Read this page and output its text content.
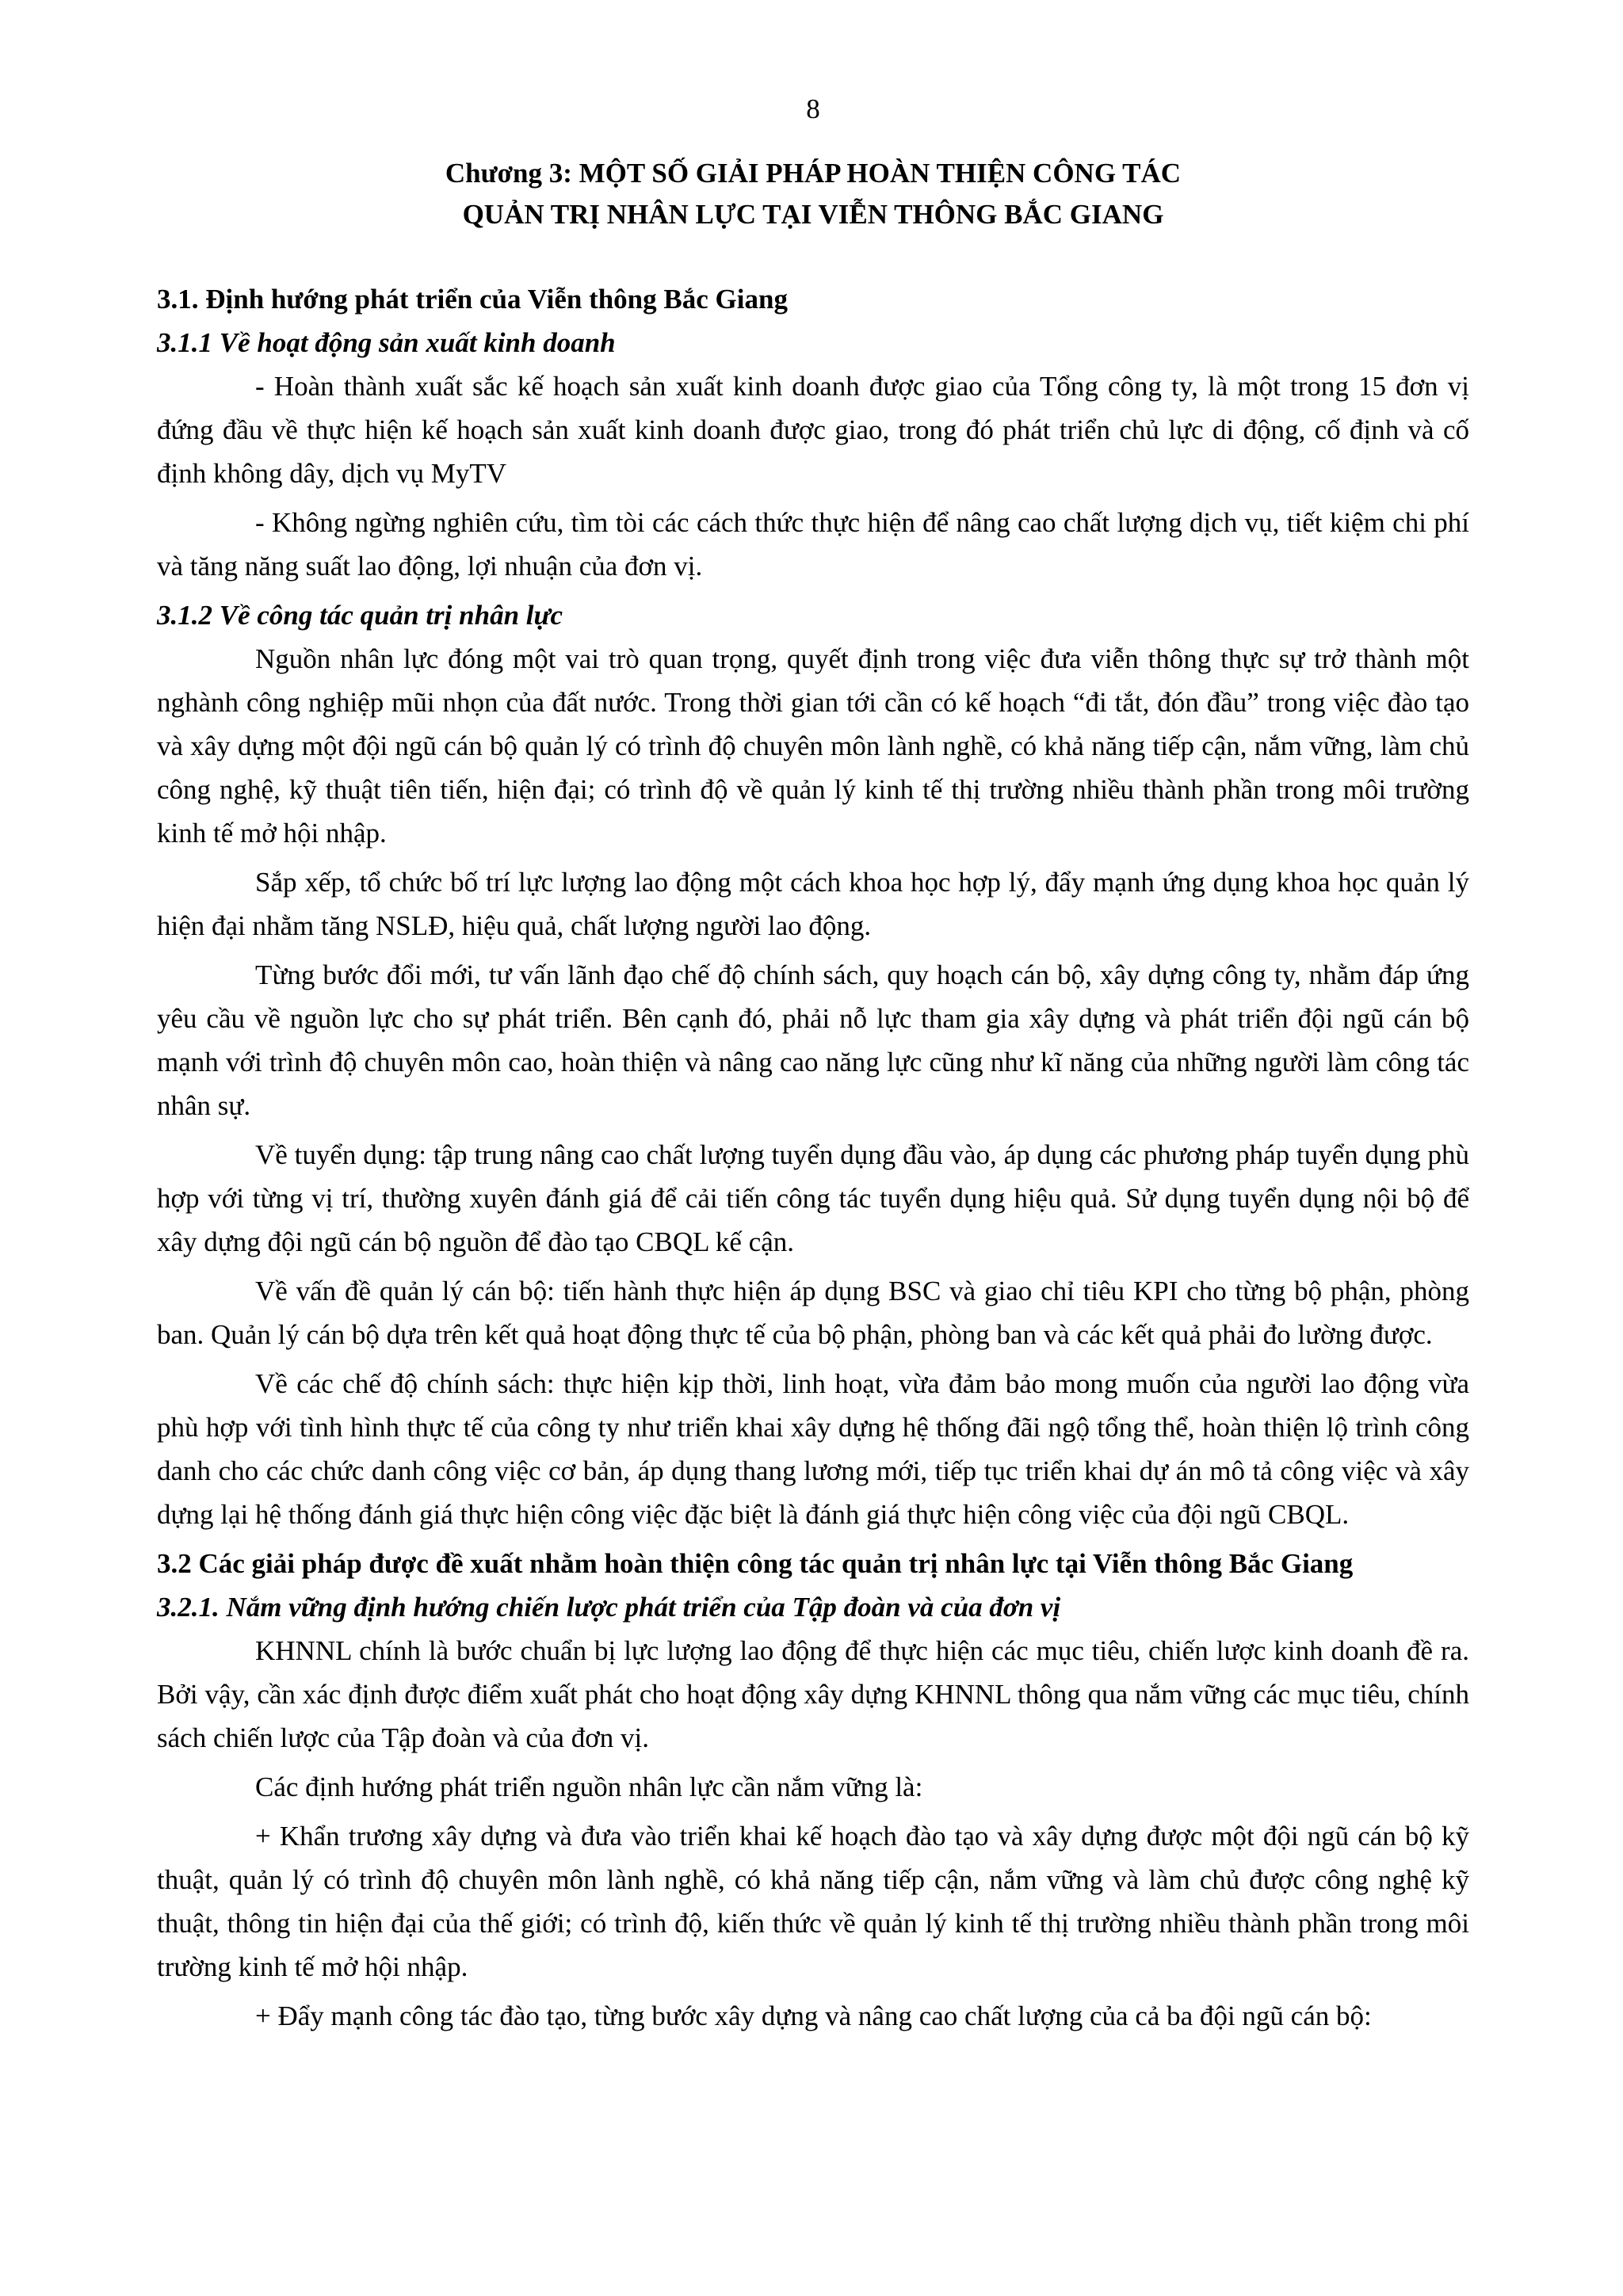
8
Chương 3: MỘT SỐ GIẢI PHÁP HOÀN THIỆN CÔNG TÁC
QUẢN TRỊ NHÂN LỰC TẠI VIỄN THÔNG BẮC GIANG

3.1. Định hướng phát triển của Viễn thông Bắc Giang

3.1.1 Về hoạt động sản xuất kinh doanh

- Hoàn thành xuất sắc kế hoạch sản xuất kinh doanh được giao của Tổng công ty, là một trong 15 đơn vị đứng đầu về thực hiện kế hoạch sản xuất kinh doanh được giao, trong đó phát triển chủ lực di động, cố định và cố định không dây, dịch vụ MyTV

- Không ngừng nghiên cứu, tìm tòi các cách thức thực hiện để nâng cao chất lượng dịch vụ, tiết kiệm chi phí và tăng năng suất lao động, lợi nhuận của đơn vị.

3.1.2 Về công tác quản trị nhân lực

Nguồn nhân lực đóng một vai trò quan trọng, quyết định trong việc đưa viễn thông thực sự trở thành một nghành công nghiệp mũi nhọn của đất nước. Trong thời gian tới cần có kế hoạch “đi tắt, đón đầu” trong việc đào tạo và xây dựng một đội ngũ cán bộ quản lý có trình độ chuyên môn lành nghề, có khả năng tiếp cận, nắm vững, làm chủ công nghệ, kỹ thuật tiên tiến, hiện đại; có trình độ về quản lý kinh tế thị trường nhiều thành phần trong môi trường kinh tế mở hội nhập.

Sắp xếp, tổ chức bố trí lực lượng lao động một cách khoa học hợp lý, đẩy mạnh ứng dụng khoa học quản lý hiện đại nhằm tăng NSLĐ, hiệu quả, chất lượng người lao động.

Từng bước đổi mới, tư vấn lãnh đạo chế độ chính sách, quy hoạch cán bộ, xây dựng công ty, nhằm đáp ứng yêu cầu về nguồn lực cho sự phát triển. Bên cạnh đó, phải nỗ lực tham gia xây dựng và phát triển đội ngũ cán bộ mạnh với trình độ chuyên môn cao, hoàn thiện và nâng cao năng lực cũng như kĩ năng của những người làm công tác nhân sự.

Về tuyển dụng: tập trung nâng cao chất lượng tuyển dụng đầu vào, áp dụng các phương pháp tuyển dụng phù hợp với từng vị trí, thường xuyên đánh giá để cải tiến công tác tuyển dụng hiệu quả. Sử dụng tuyển dụng nội bộ để xây dựng đội ngũ cán bộ nguồn để đào tạo CBQL kế cận.

Về vấn đề quản lý cán bộ: tiến hành thực hiện áp dụng BSC và giao chỉ tiêu KPI cho từng bộ phận, phòng ban. Quản lý cán bộ dựa trên kết quả hoạt động thực tế của bộ phận, phòng ban và các kết quả phải đo lường được.

Về các chế độ chính sách: thực hiện kịp thời, linh hoạt, vừa đảm bảo mong muốn của người lao động vừa phù hợp với tình hình thực tế của công ty như triển khai xây dựng hệ thống đãi ngộ tổng thể, hoàn thiện lộ trình công danh cho các chức danh công việc cơ bản, áp dụng thang lương mới, tiếp tục triển khai dự án mô tả công việc và xây dựng lại hệ thống đánh giá thực hiện công việc đặc biệt là đánh giá thực hiện công việc của đội ngũ CBQL.

3.2 Các giải pháp được đề xuất nhằm hoàn thiện công tác quản trị nhân lực tại Viễn thông Bắc Giang

3.2.1. Nắm vững định hướng chiến lược phát triển của Tập đoàn và của đơn vị

KHNNL chính là bước chuẩn bị lực lượng lao động để thực hiện các mục tiêu, chiến lược kinh doanh đề ra. Bởi vậy, cần xác định được điểm xuất phát cho hoạt động xây dựng KHNNL thông qua nắm vững các mục tiêu, chính sách chiến lược của Tập đoàn và của đơn vị.

Các định hướng phát triển nguồn nhân lực cần nắm vững là:

+ Khẩn trương xây dựng và đưa vào triển khai kế hoạch đào tạo và xây dựng được một đội ngũ cán bộ kỹ thuật, quản lý có trình độ chuyên môn lành nghề, có khả năng tiếp cận, nắm vững và làm chủ được công nghệ kỹ thuật, thông tin hiện đại của thế giới; có trình độ, kiến thức về quản lý kinh tế thị trường nhiều thành phần trong môi trường kinh tế mở hội nhập.

+ Đẩy mạnh công tác đào tạo, từng bước xây dựng và nâng cao chất lượng của cả ba đội ngũ cán bộ:
